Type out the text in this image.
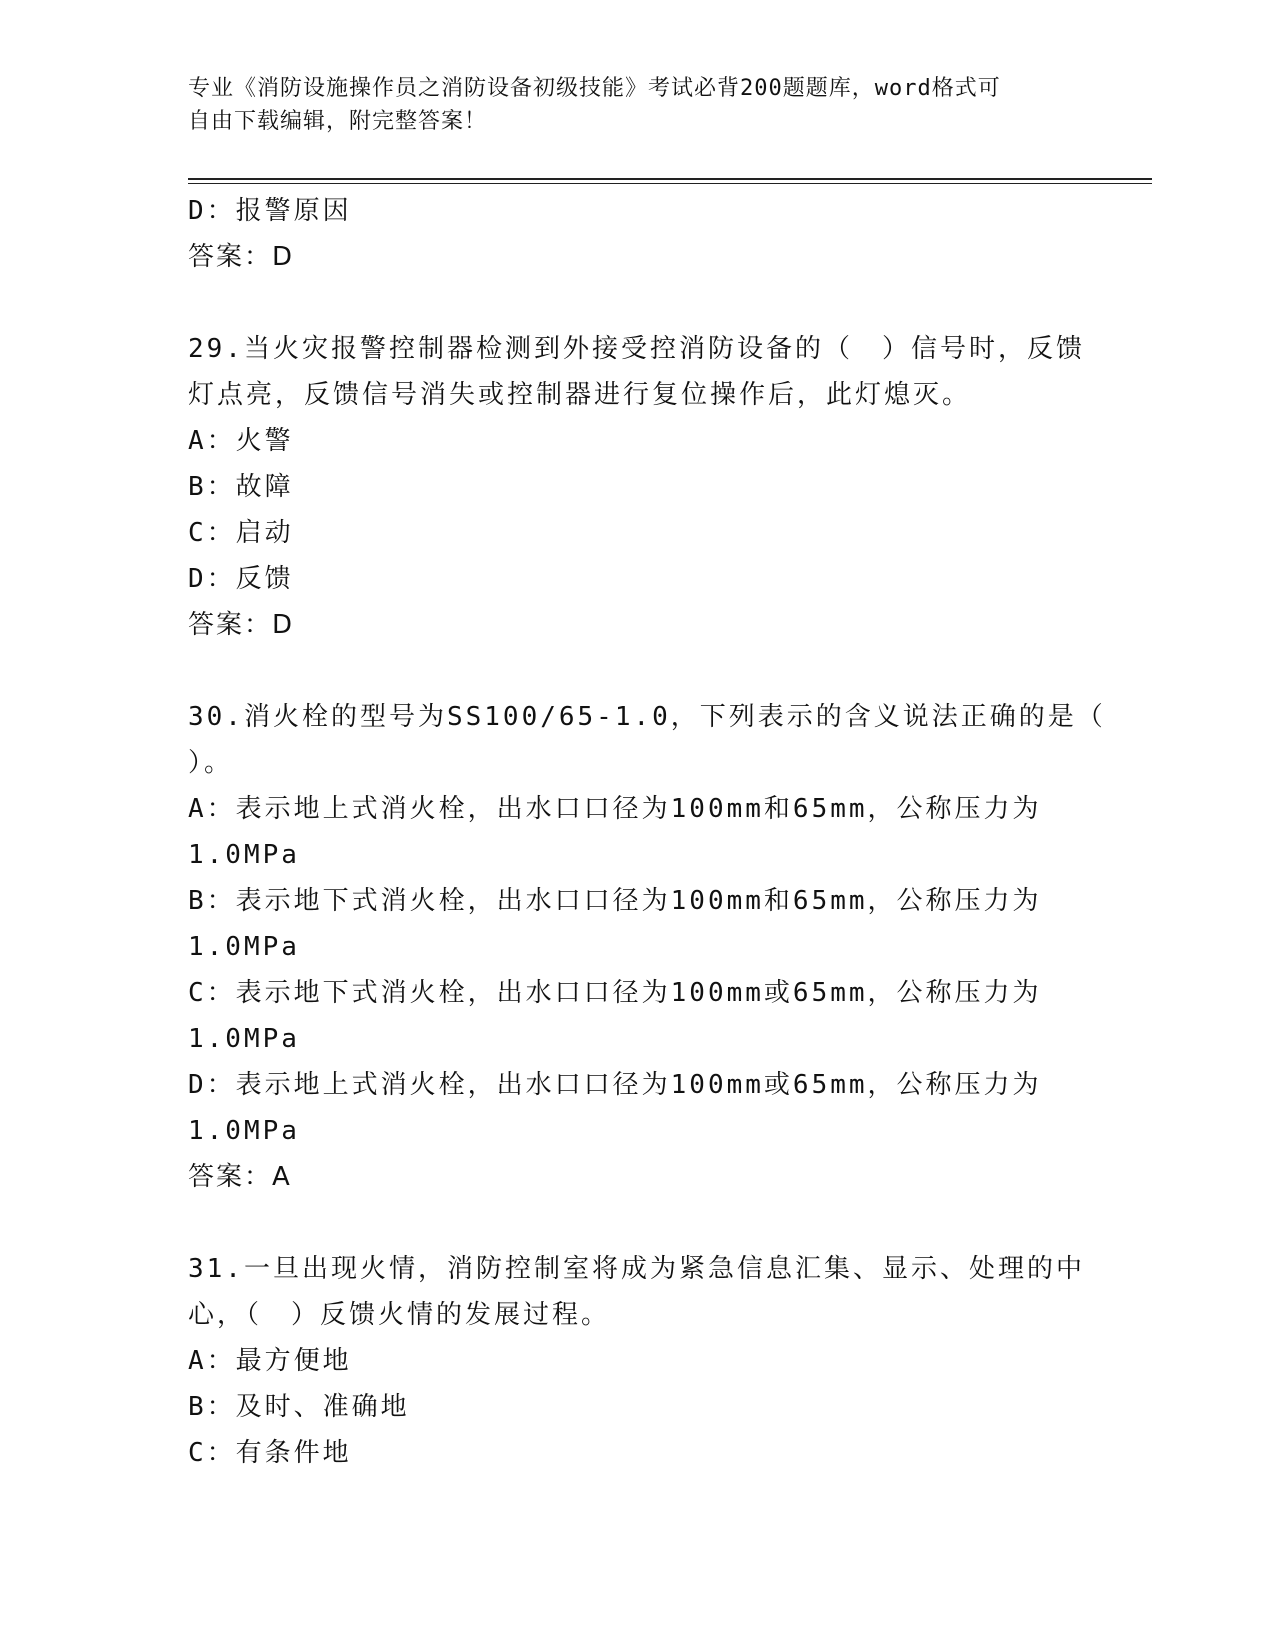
专业《消防设施操作员之消防设备初级技能》考试必背200题题库，word格式可
自由下载编辑，附完整答案！
D：报警原因
答案：D
29.当火灾报警控制器检测到外接受控消防设备的（　）信号时，反馈
灯点亮，反馈信号消失或控制器进行复位操作后，此灯熄灭。
A：火警
B：故障
C：启动
D：反馈
答案：D
30.消火栓的型号为SS100/65-1.0，下列表示的含义说法正确的是（
）。
A：表示地上式消火栓，出水口口径为100mm和65mm，公称压力为
1.0MPa
B：表示地下式消火栓，出水口口径为100mm和65mm，公称压力为
1.0MPa
C：表示地下式消火栓，出水口口径为100mm或65mm，公称压力为
1.0MPa
D：表示地上式消火栓，出水口口径为100mm或65mm，公称压力为
1.0MPa
答案：A
31.一旦出现火情，消防控制室将成为紧急信息汇集、显示、处理的中
心，（　）反馈火情的发展过程。
A：最方便地
B：及时、准确地
C：有条件地
